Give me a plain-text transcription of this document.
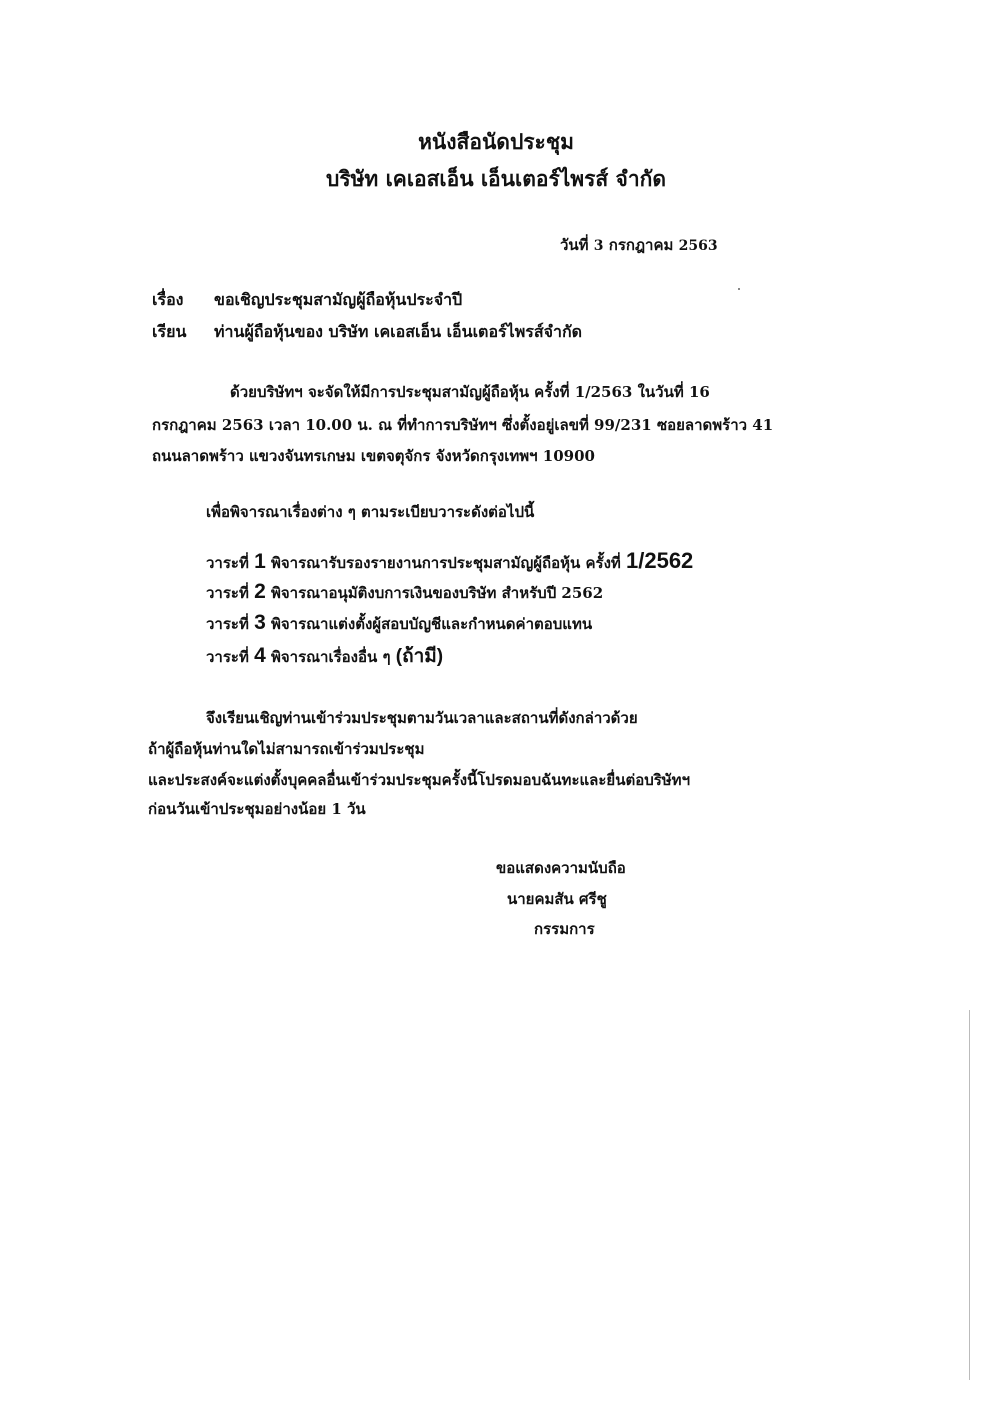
หนังสือนัดประชุม
บริษัท เคเอสเอ็น เอ็นเตอร์ไพรส์ จำกัด
วันที่ 3 กรกฎาคม 2563
เรื่อง ขอเชิญประชุมสามัญผู้ถือหุ้นประจำปี
เรียน ท่านผู้ถือหุ้นของ บริษัท เคเอสเอ็น เอ็นเตอร์ไพรส์จำกัด
ด้วยบริษัทฯ จะจัดให้มีการประชุมสามัญผู้ถือหุ้น ครั้งที่ 1/2563 ในวันที่ 16
กรกฎาคม 2563 เวลา 10.00 น. ณ ที่ทำการบริษัทฯ ซึ่งตั้งอยู่เลขที่ 99/231 ซอยลาดพร้าว 41
ถนนลาดพร้าว แขวงจันทรเกษม เขตจตุจักร จังหวัดกรุงเทพฯ 10900
เพื่อพิจารณาเรื่องต่าง ๆ ตามระเบียบวาระดังต่อไปนี้
วาระที่ 1 พิจารณารับรองรายงานการประชุมสามัญผู้ถือหุ้น ครั้งที่ 1/2562
วาระที่ 2 พิจารณาอนุมัติงบการเงินของบริษัท สำหรับปี 2562
วาระที่ 3 พิจารณาแต่งตั้งผู้สอบบัญชีและกำหนดค่าตอบแทน
วาระที่ 4 พิจารณาเรื่องอื่น ๆ (ถ้ามี)
จึงเรียนเชิญท่านเข้าร่วมประชุมตามวันเวลาและสถานที่ดังกล่าวด้วย
ถ้าผู้ถือหุ้นท่านใดไม่สามารถเข้าร่วมประชุม
และประสงค์จะแต่งตั้งบุคคลอื่นเข้าร่วมประชุมครั้งนี้โปรดมอบฉันทะและยื่นต่อบริษัทฯ
ก่อนวันเข้าประชุมอย่างน้อย 1 วัน
ขอแสดงความนับถือ
นายคมสัน ศรีชู
กรรมการ
